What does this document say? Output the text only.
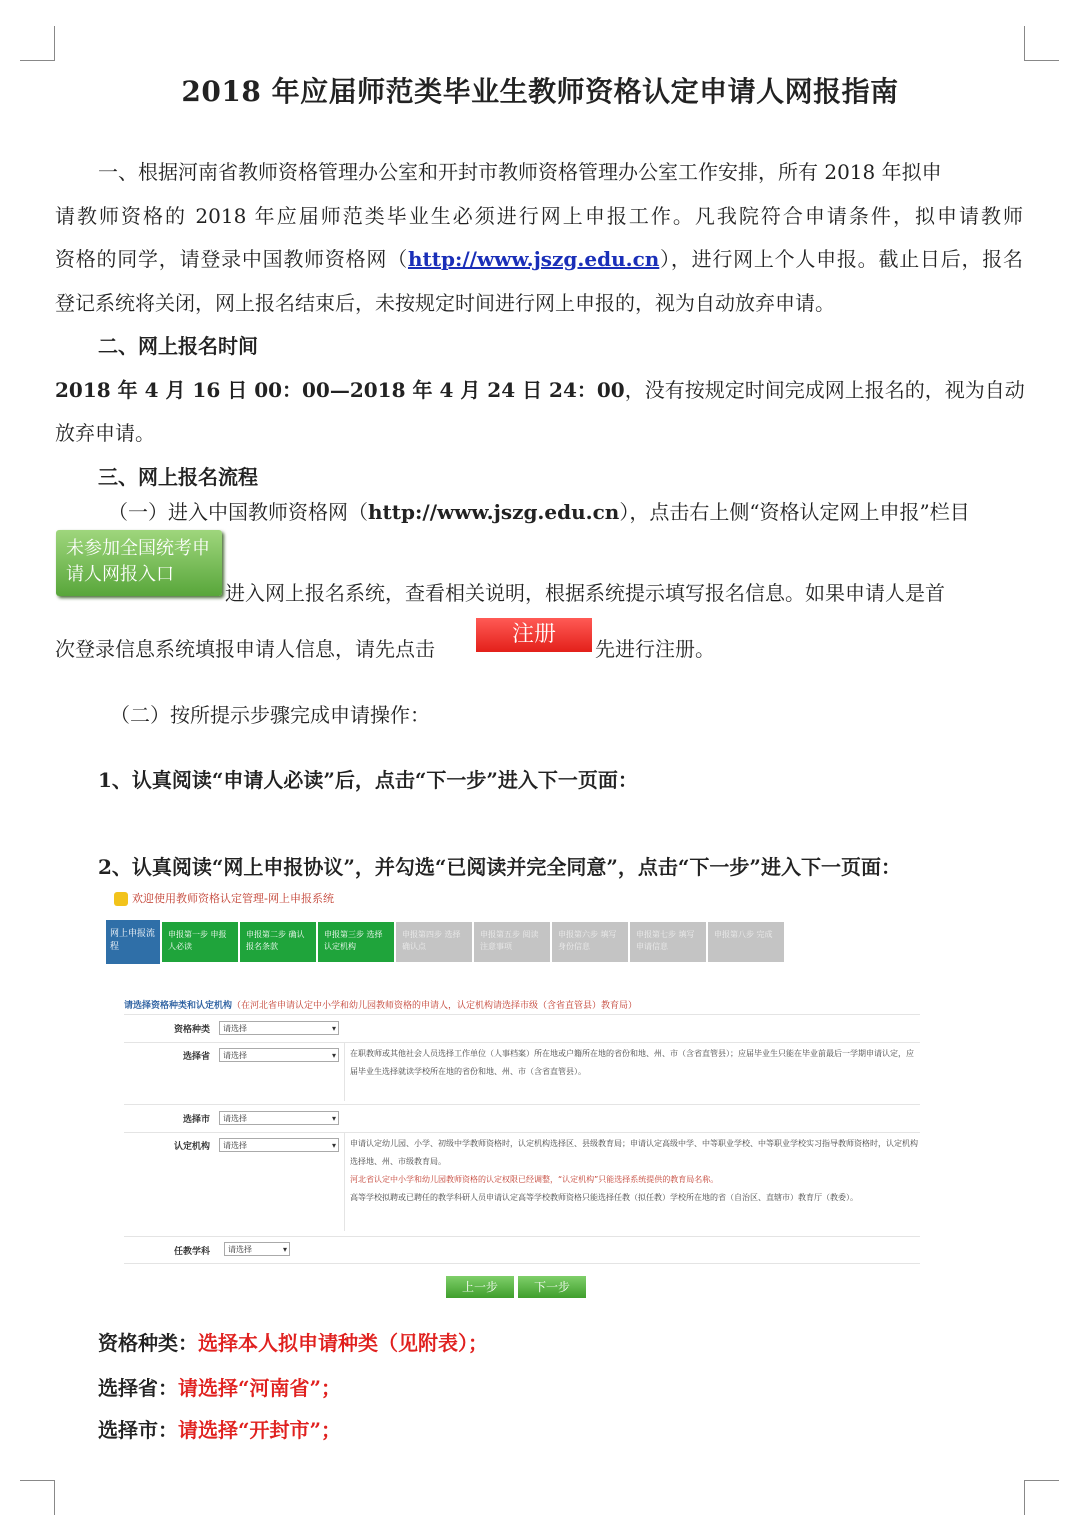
2018 年应届师范类毕业生教师资格认定申请人网报指南
一、根据河南省教师资格管理办公室和开封市教师资格管理办公室工作安排，所有 2018 年拟申
请教师资格的 2018 年应届师范类毕业生必须进行网上申报工作。凡我院符合申请条件，拟申请教师
资格的同学，请登录中国教师资格网（http://www.jszg.edu.cn），进行网上个人申报。截止日后，报名
登记系统将关闭，网上报名结束后，未按规定时间进行网上申报的，视为自动放弃申请。
二、网上报名时间
2018 年 4 月 16 日 00：00—2018 年 4 月 24 日 24：00，没有按规定时间完成网上报名的，视为自动
放弃申请。
三、网上报名流程
（一）进入中国教师资格网（http://www.jszg.edu.cn），点击右上侧“资格认定网上申报”栏目
未参加全国统考申请人网报入口
进入网上报名系统，查看相关说明，根据系统提示填写报名信息。如果申请人是首
次登录信息系统填报申请人信息，请先点击
注册
先进行注册。
（二）按所提示步骤完成申请操作：
1、认真阅读“申请人必读”后，点击“下一步”进入下一页面：
2、认真阅读“网上申报协议”，并勾选“已阅读并完全同意”，点击“下一步”进入下一页面：
欢迎使用教师资格认定管理-网上申报系统
网上申报流程
申报第一步 申报人必读
申报第二步 确认报名条款
申报第三步 选择认定机构
申报第四步 选择确认点
申报第五步 阅读注意事项
申报第六步 填写身份信息
申报第七步 填写申请信息
申报第八步 完成
请选择资格种类和认定机构（在河北省申请认定中小学和幼儿园教师资格的申请人，认定机构请选择市级（含省直管县）教育局）
资格种类	请选择 ▾
选择省	请选择 ▾	在职教师或其他社会人员选择工作单位（人事档案）所在地或户籍所在地的省份和地、州、市（含省直管县）；应届毕业生只能在毕业前最后一学期申请认定，应届毕业生选择就读学校所在地的省份和地、州、市（含省直管县）。
选择市	请选择 ▾
认定机构	请选择 ▾	申请认定幼儿园、小学、初级中学教师资格时，认定机构选择区、县级教育局；申请认定高级中学、中等职业学校、中等职业学校实习指导教师资格时，认定机构选择地、州、市级教育局。
河北省认定中小学和幼儿园教师资格的认定权限已经调整，“认定机构”只能选择系统提供的教育局名称。
高等学校拟聘或已聘任的教学科研人员申请认定高等学校教师资格只能选择任教（拟任教）学校所在地的省（自治区、直辖市）教育厅（教委）。
任教学科	请选择 ▾
上一步	下一步
资格种类：选择本人拟申请种类（见附表）；
选择省：请选择“河南省”；
选择市：请选择“开封市”；
